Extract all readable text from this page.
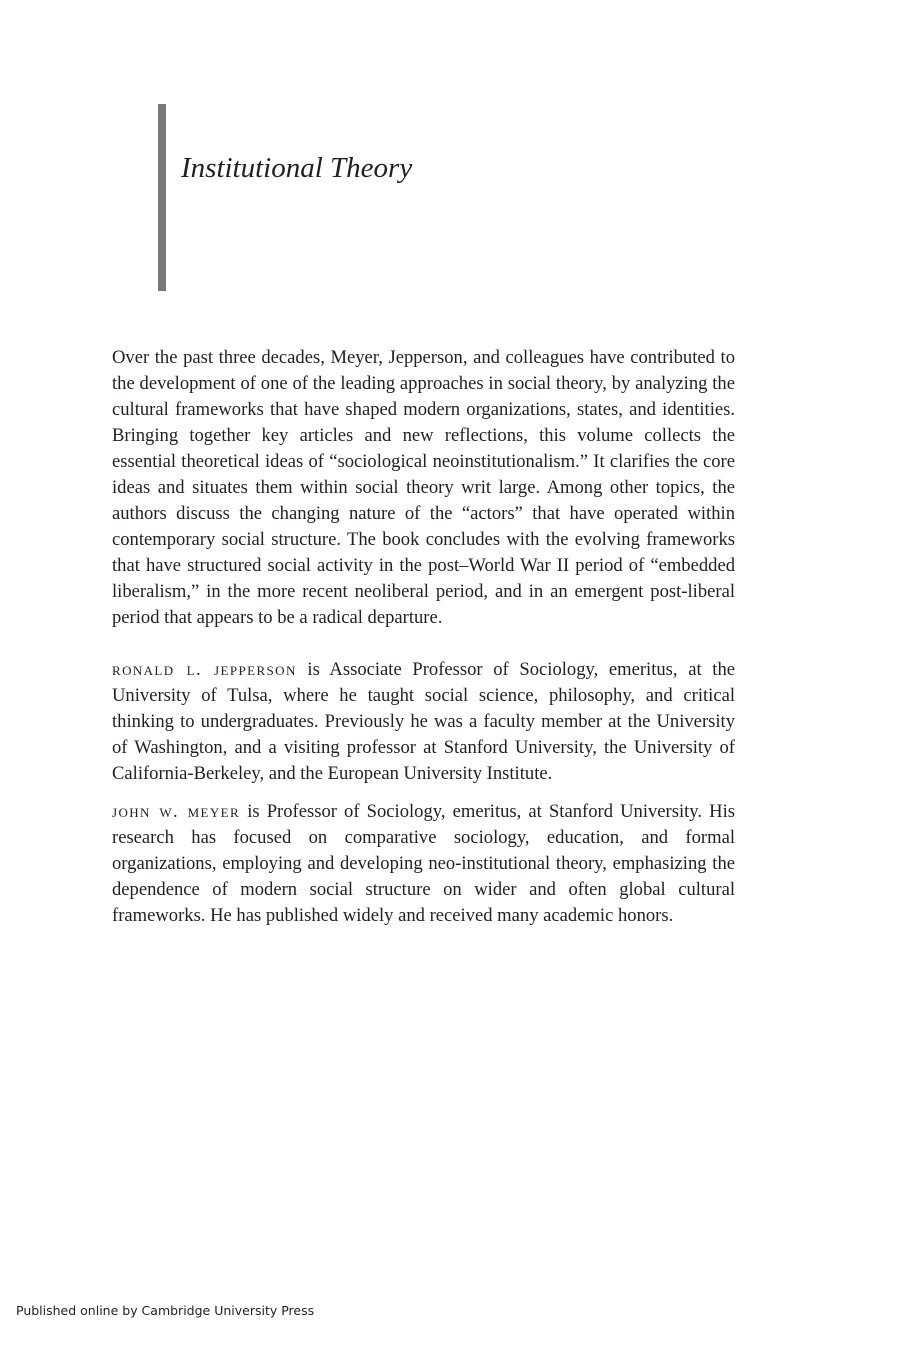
Institutional Theory

Over the past three decades, Meyer, Jepperson, and colleagues have contributed to the development of one of the leading approaches in social theory, by analyzing the cultural frameworks that have shaped modern organizations, states, and identities. Bringing together key articles and new reflections, this volume collects the essential theoretical ideas of “sociological neoinstitutionalism.” It clarifies the core ideas and situates them within social theory writ large. Among other topics, the authors discuss the changing nature of the “actors” that have operated within contemporary social structure. The book concludes with the evolving frameworks that have structured social activity in the post–World War II period of “embedded liberalism,” in the more recent neoliberal period, and in an emergent post-liberal period that appears to be a radical departure.

ronald l. jepperson is Associate Professor of Sociology, emeritus, at the University of Tulsa, where he taught social science, philosophy, and critical thinking to undergraduates. Previously he was a faculty member at the University of Washington, and a visiting professor at Stanford University, the University of California-Berkeley, and the European University Institute.

john w. meyer is Professor of Sociology, emeritus, at Stanford University. His research has focused on comparative sociology, education, and formal organizations, employing and developing neo-institutional theory, emphasizing the dependence of modern social structure on wider and often global cultural frameworks. He has published widely and received many academic honors.

Published online by Cambridge University Press
